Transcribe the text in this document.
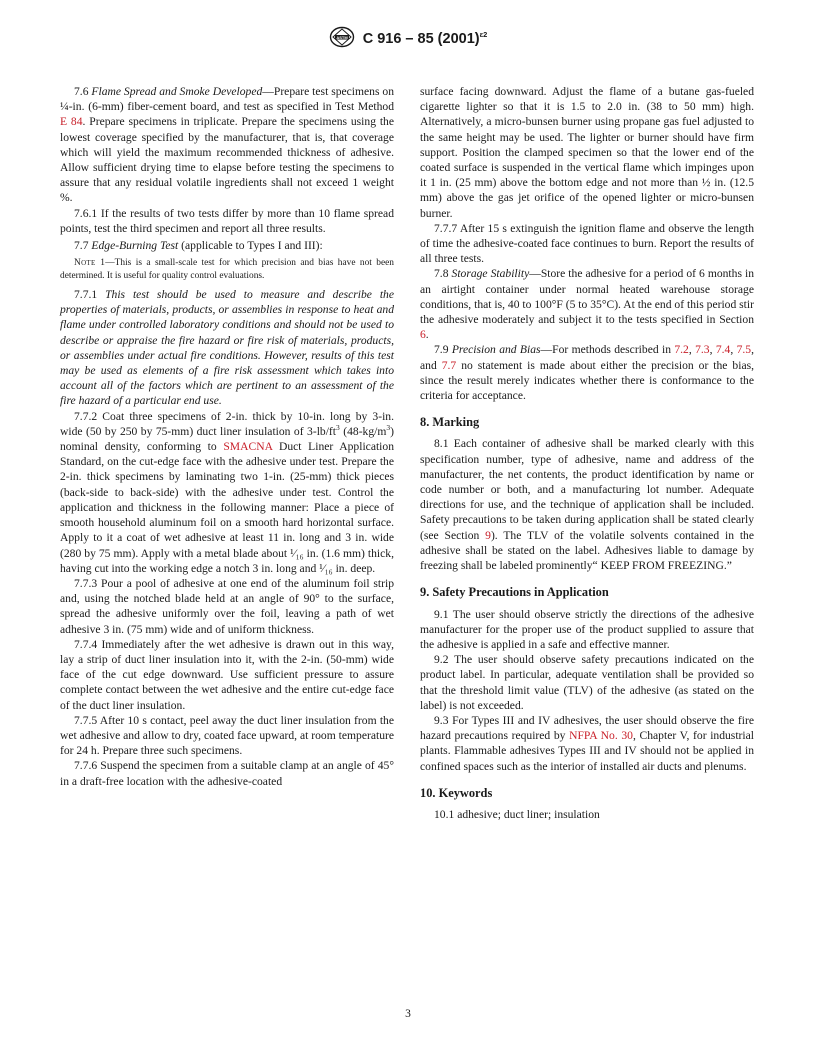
ASTM C 916 – 85 $(2001)^{\varepsilon 2}$

7.6 Flame Spread and Smoke Developed—Prepare test specimens on ¼-in. (6-mm) fiber-cement board, and test as specified in Test Method E 84. Prepare specimens in triplicate. Prepare the specimens using the lowest coverage specified by the manufacturer, that is, that coverage which will yield the maximum recommended thickness of adhesive. Allow sufficient drying time to elapse before testing the specimens to assure that any residual volatile ingredients shall not exceed 1 weight %.

7.6.1 If the results of two tests differ by more than 10 flame spread points, test the third specimen and report all three results.

7.7 Edge-Burning Test (applicable to Types I and III):

Note 1—This is a small-scale test for which precision and bias have not been determined. It is useful for quality control evaluations.

7.7.1 This test should be used to measure and describe the properties of materials, products, or assemblies in response to heat and flame under controlled laboratory conditions and should not be used to describe or appraise the fire hazard or fire risk of materials, products, or assemblies under actual fire conditions. However, results of this test may be used as elements of a fire risk assessment which takes into account all of the factors which are pertinent to an assessment of the fire hazard of a particular end use.

7.7.2 Coat three specimens of 2-in. thick by 10-in. long by 3-in. wide (50 by 250 by 75-mm) duct liner insulation of $3-lb/ft^3$ $(48-kg/m^3)$ nominal density, conforming to SMACNA Duct Liner Application Standard, on the cut-edge face with the adhesive under test. Prepare the 2-in. thick specimens by laminating two 1-in. (25-mm) thick pieces (back-side to back-side) with the adhesive under test. Control the application and thickness in the following manner: Place a piece of smooth household aluminum foil on a smooth hard horizontal surface. Apply to it a coat of wet adhesive at least 11 in. long and 3 in. wide (280 by 75 mm). Apply with a metal blade about ¹⁄₁₆ in. (1.6 mm) thick, having cut into the working edge a notch 3 in. long and ¹⁄₁₆ in. deep.

7.7.3 Pour a pool of adhesive at one end of the aluminum foil strip and, using the notched blade held at an angle of 90° to the surface, spread the adhesive uniformly over the foil, leaving a path of wet adhesive 3 in. (75 mm) wide and of uniform thickness.

7.7.4 Immediately after the wet adhesive is drawn out in this way, lay a strip of duct liner insulation into it, with the 2-in. (50-mm) wide face of the cut edge downward. Use sufficient pressure to assure complete contact between the wet adhesive and the entire cut-edge face of the duct liner insulation.

7.7.5 After 10 s contact, peel away the duct liner insulation from the wet adhesive and allow to dry, coated face upward, at room temperature for 24 h. Prepare three such specimens.

7.7.6 Suspend the specimen from a suitable clamp at an angle of 45° in a draft-free location with the adhesive-coated

surface facing downward. Adjust the flame of a butane gas-fueled cigarette lighter so that it is 1.5 to 2.0 in. (38 to 50 mm) high. Alternatively, a micro-bunsen burner using propane gas fuel adjusted to the same height may be used. The lighter or burner should have firm support. Position the clamped specimen so that the lower end of the coated surface is suspended in the vertical flame which impinges upon it 1 in. (25 mm) above the bottom edge and not more than ½ in. (12.5 mm) above the gas jet orifice of the opened lighter or micro-bunsen burner.

7.7.7 After 15 s extinguish the ignition flame and observe the length of time the adhesive-coated face continues to burn. Report the results of all three tests.

7.8 Storage Stability—Store the adhesive for a period of 6 months in an airtight container under normal heated warehouse storage conditions, that is, 40 to 100°F (5 to 35°C). At the end of this period stir the adhesive moderately and subject it to the tests specified in Section 6.

7.9 Precision and Bias—For methods described in 7.2, 7.3, 7.4, 7.5, and 7.7 no statement is made about either the precision or the bias, since the result merely indicates whether there is conformance to the criteria for acceptance.

8. Marking

8.1 Each container of adhesive shall be marked clearly with this specification number, type of adhesive, name and address of the manufacturer, the net contents, the product identification by name or code number or both, and a manufacturing lot number. Adequate directions for use, and the technique of application shall be included. Safety precautions to be taken during application shall be stated clearly (see Section 9). The TLV of the volatile solvents contained in the adhesive shall be stated on the label. Adhesives liable to damage by freezing shall be labeled prominently“ KEEP FROM FREEZING.”

9. Safety Precautions in Application

9.1 The user should observe strictly the directions of the adhesive manufacturer for the proper use of the product supplied to assure that the adhesive is applied in a safe and effective manner.

9.2 The user should observe safety precautions indicated on the product label. In particular, adequate ventilation shall be provided so that the threshold limit value (TLV) of the adhesive (as stated on the label) is not exceeded.

9.3 For Types III and IV adhesives, the user should observe the fire hazard precautions required by NFPA No. 30, Chapter V, for industrial plants. Flammable adhesives Types III and IV should not be applied in confined spaces such as the interior of installed air ducts and plenums.

10. Keywords

10.1 adhesive; duct liner; insulation

3
